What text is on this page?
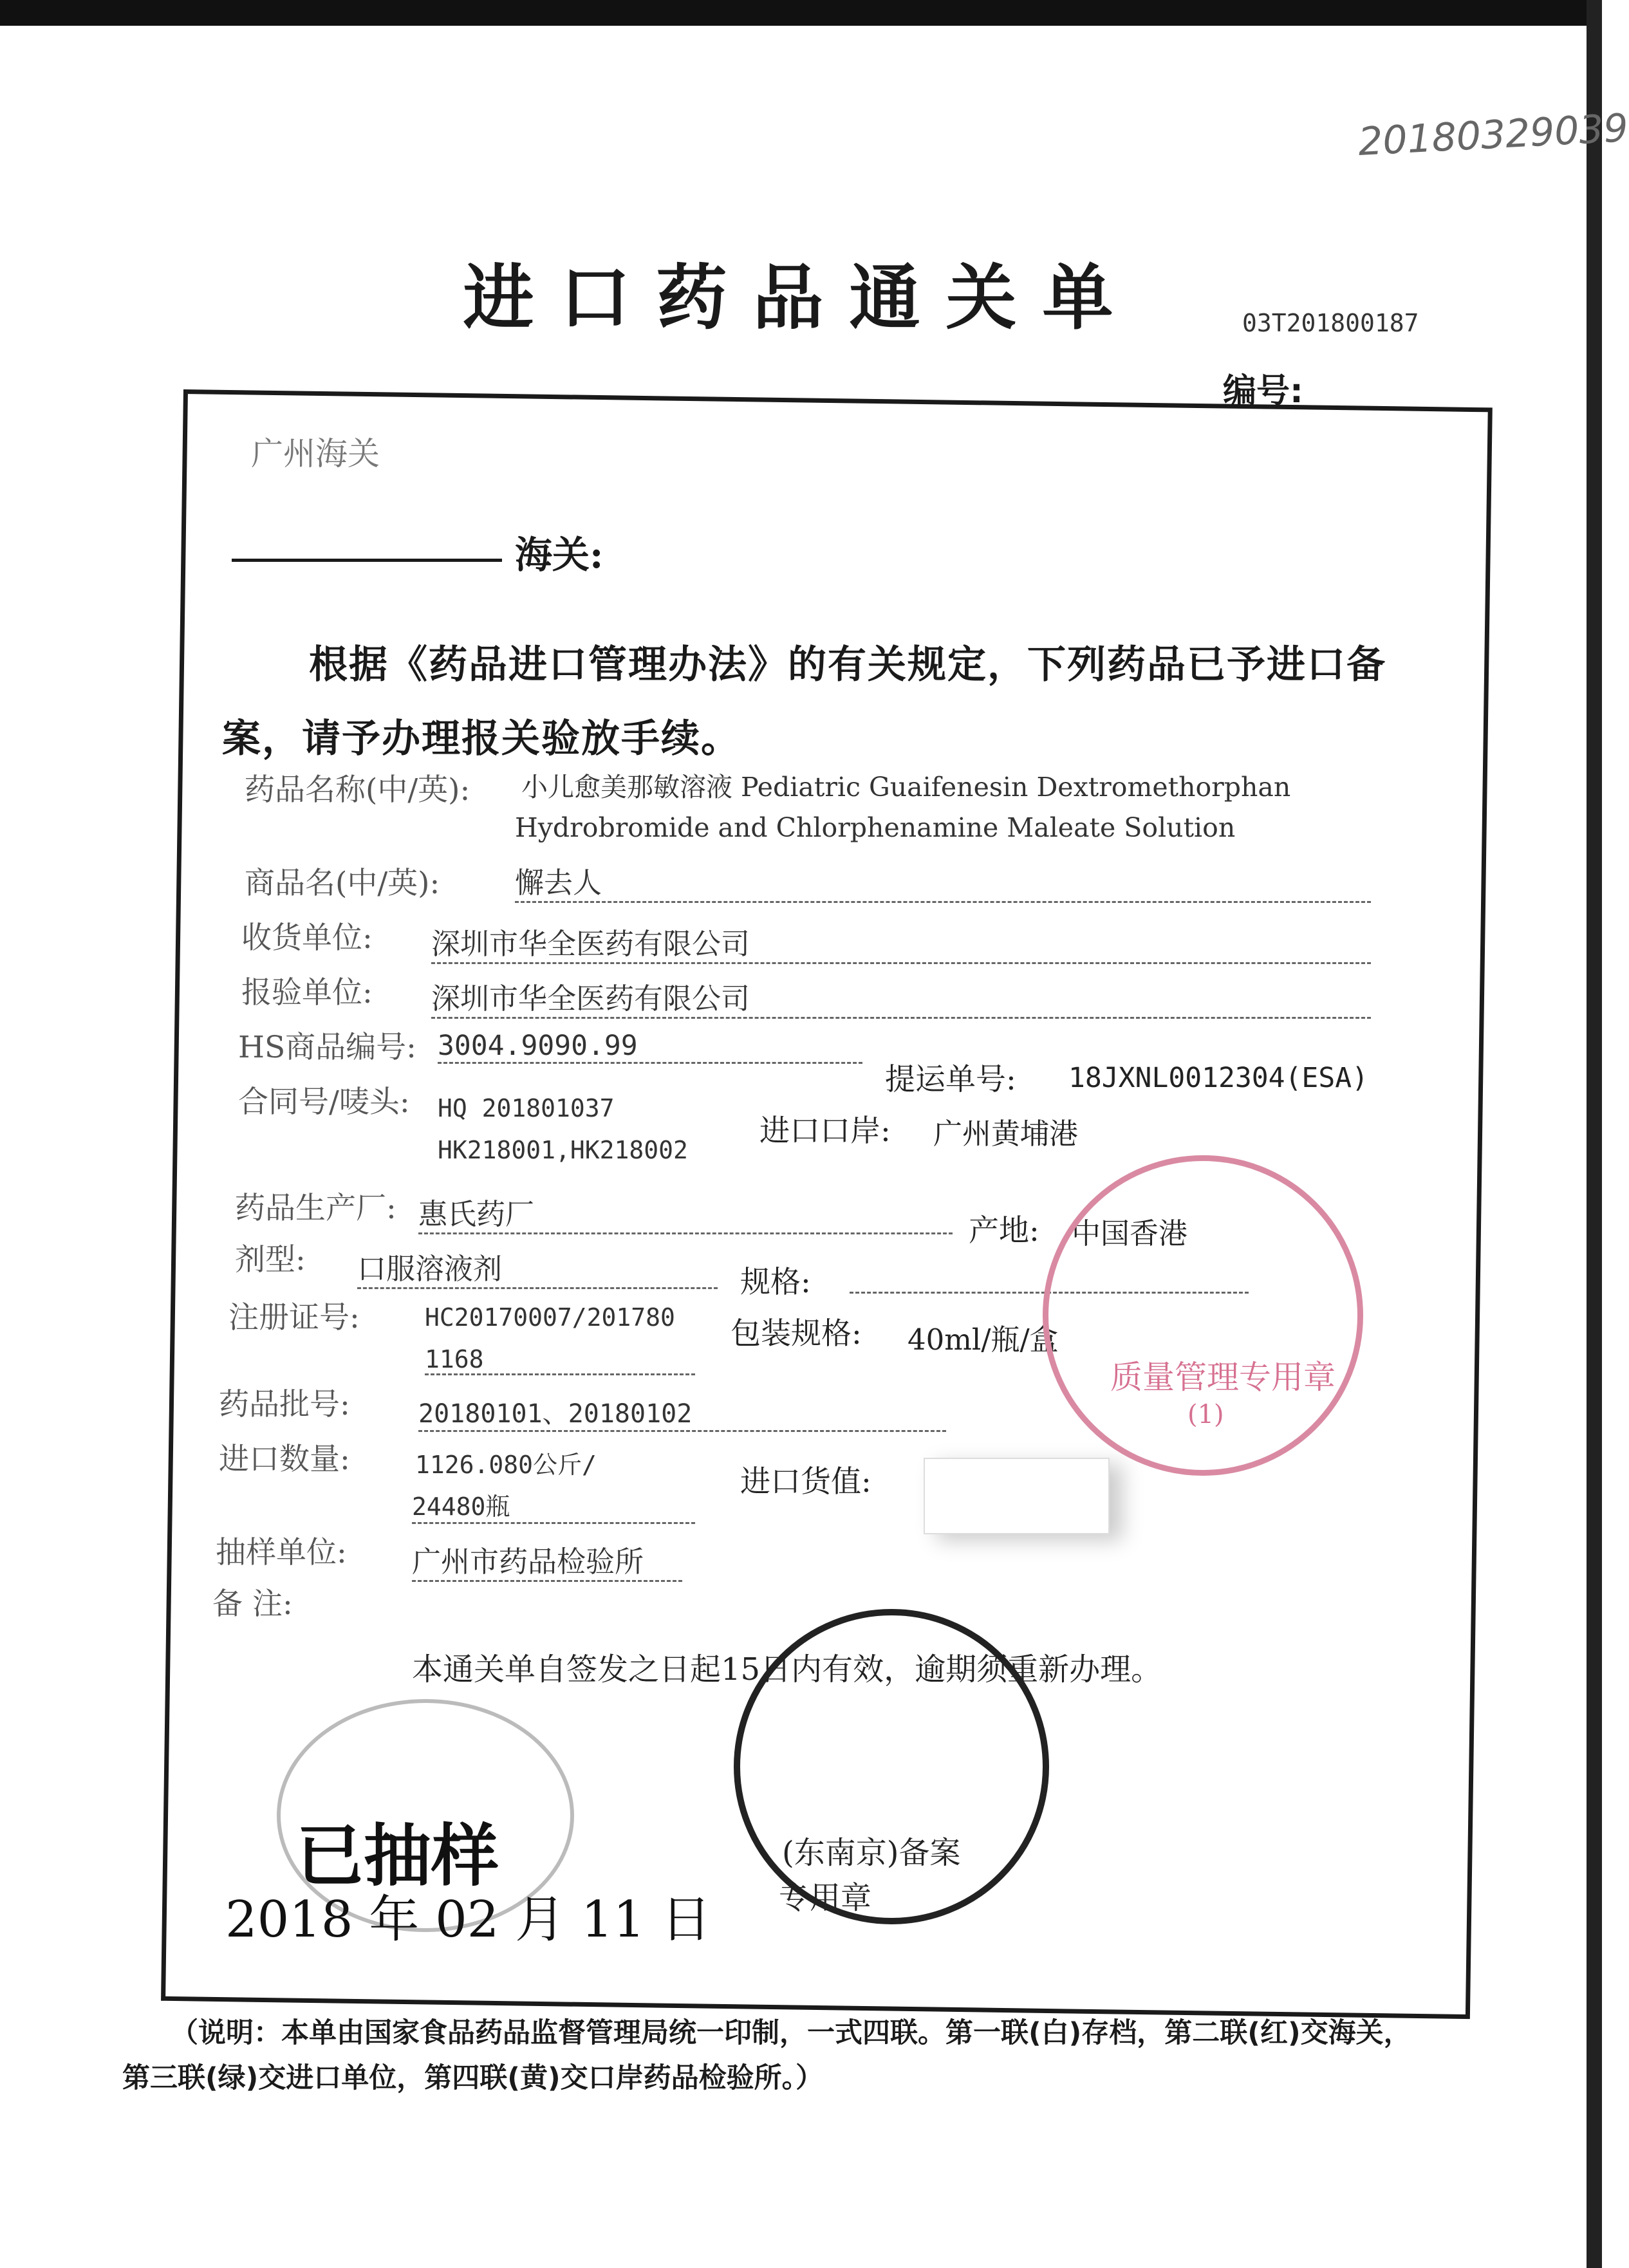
20180329039
进口药品通关单	03T201800187
编号:
广州海关
海关:
根据《药品进口管理办法》的有关规定，下列药品已予进口备
案，请予办理报关验放手续。
药品名称(中/英): 小儿愈美那敏溶液 Pediatric Guaifenesin Dextromethorphan
Hydrobromide and Chlorphenamine Maleate Solution
商品名(中/英):	懈去人
收货单位: 深圳市华全医药有限公司
报验单位: 深圳市华全医药有限公司
HS商品编号: 3004.9090.99
提运单号: 18JXNL0012304(ESA)
合同号/唛头: HQ 201801037
HK218001,HK218002
进口口岸: 广州黄埔港
药品生产厂: 惠氏药厂	产地: 中国香港
剂型: 口服溶液剂	规格:
注册证号:	HC20170007/201780
1168
包装规格: 40ml/瓶/盒
药品批号:	20180101、20180102
进口数量:	1126.080公斤/
24480瓶
进口货值:
抽样单位: 广州市药品检验所
备 注:
质量管理专用章
(1)
本通关单自签发之日起15日内有效，逾期须重新办理。
已抽样
2018 年 02 月 11 日
(东南京)备案
专用章
（说明：本单由国家食品药品监督管理局统一印制，一式四联。第一联(白)存档，第二联(红)交海关，
第三联(绿)交进口单位，第四联(黄)交口岸药品检验所。）
